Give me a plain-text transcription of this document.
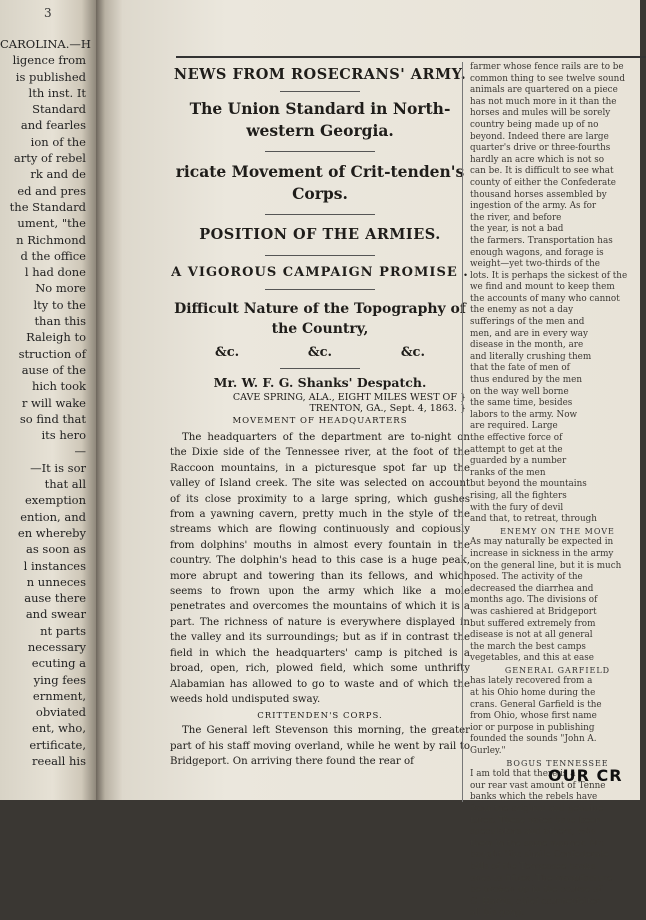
3
CAROLINA.—H
ligence from
is published
lth inst. It
Standard
and fearles
ion of the
arty of rebel
rk and de
ed and pres
the Standard
ument, "the
n Richmond
d the office
l had done
No more
lty to the
than this
Raleigh to
struction of
ause of the
hich took
r will wake
so find that
its hero
—
—It is sor
that all
exemption
ention, and
en whereby
as soon as
l instances
n unneces
ause there
and swear
nt parts
necessary
ecuting a
ying fees
ernment,
obviated
ent, who,
ertificate,
reeall his
NEWS FROM ROSECRANS' ARMY.
The Union Standard in North-western Georgia.
ricate Movement of Crit-tenden's Corps.
POSITION OF THE ARMIES.
A VIGOROUS CAMPAIGN PROMISE .
Difficult Nature of the Topography of the Country,
&c.	&c.	&c.
Mr. W. F. G. Shanks' Despatch.
CAVE SPRING, ALA., EIGHT MILES WEST OF }
TRENTON, GA., Sept. 4, 1863. }
MOVEMENT OF HEADQUARTERS

The headquarters of the department are to-night on the Dixie side of the Tennessee river, at the foot of the Raccoon mountains, in a picturesque spot far up the valley of Island creek. The site was selected on account of its close proximity to a large spring, which gushes from a yawning cavern, pretty much in the style of the streams which are flowing continuously and copiously from dolphins' mouths in almost every fountain in the country. The dolphin's head to this case is a huge peak, more abrupt and towering than its fellows, and which seems to frown upon the army which like a mole penetrates and overcomes the mountains of which it is a part. The richness of nature is everywhere displayed in the valley and its surroundings; but as if in contrast the field in which the headquarters' camp is pitched is a broad, open, rich, plowed field, which some unthrifty Alabamian has allowed to go to waste and of which the weeds hold undisputed sway.

CRITTENDEN'S CORPS.

The General left Stevenson this morning, the greater part of his staff moving overland, while he went by rail to Bridgeport. On arriving there found the rear of

farmer whose fence rails are to be
common thing to see twelve sound
animals are quartered on a piece
has not much more in it than the
horses and mules will be sorely
country being made up of no
beyond. Indeed there are large
quarter's drive or three-fourths
hardly an acre which is not so
can be. It is difficult to see what
county of either the Confederate
thousand horses assembled by
ingestion of the army. As for
the river, and before
the year, is not a bad
the farmers. Transportation has
enough wagons, and forage is
weight—yet two-thirds of the
lots. It is perhaps the sickest of the
we find and mount to keep them
the accounts of many who cannot
the enemy as not a day
sufferings of the men and
men, and are in every way
disease in the month, are
and literally crushing them
that the fate of men of
thus endured by the men
on the way well borne
the same time, besides
labors to the army. Now
are required. Large
the effective force of
attempt to get at the
guarded by a number
ranks of the men
but beyond the mountains
rising, all the fighters
with the fury of devil
and that, to retreat, through
ENEMY ON THE MOVE
As may naturally be expected in
increase in sickness in the army
on the general line, but it is much
posed. The activity of the
decreased the diarrhea and
months ago. The divisions of
was cashiered at Bridgeport
but suffered extremely from
disease is not at all general
the march the best camps
vegetables, and this at ease
GENERAL GARFIELD
has lately recovered from a
at his Ohio home during the
crans. General Garfield is the
from Ohio, whose first name
ior or purpose in publishing
founded the sounds "John A.
Gurley."
BOGUS TENNESSEE
I am told that there is a
our rear vast amount of Tenne
banks which the rebels have
from the original and genuine
tures. These notes have been
speculators and others, who
them in the same manner. Mr.
bought "fac simile Confederate
bills of the Tennessee banks
ones to fifties. The manufacture
be broken up in the course of
G. Harris, chief counterfeiter
all his gang.
OUR CR
